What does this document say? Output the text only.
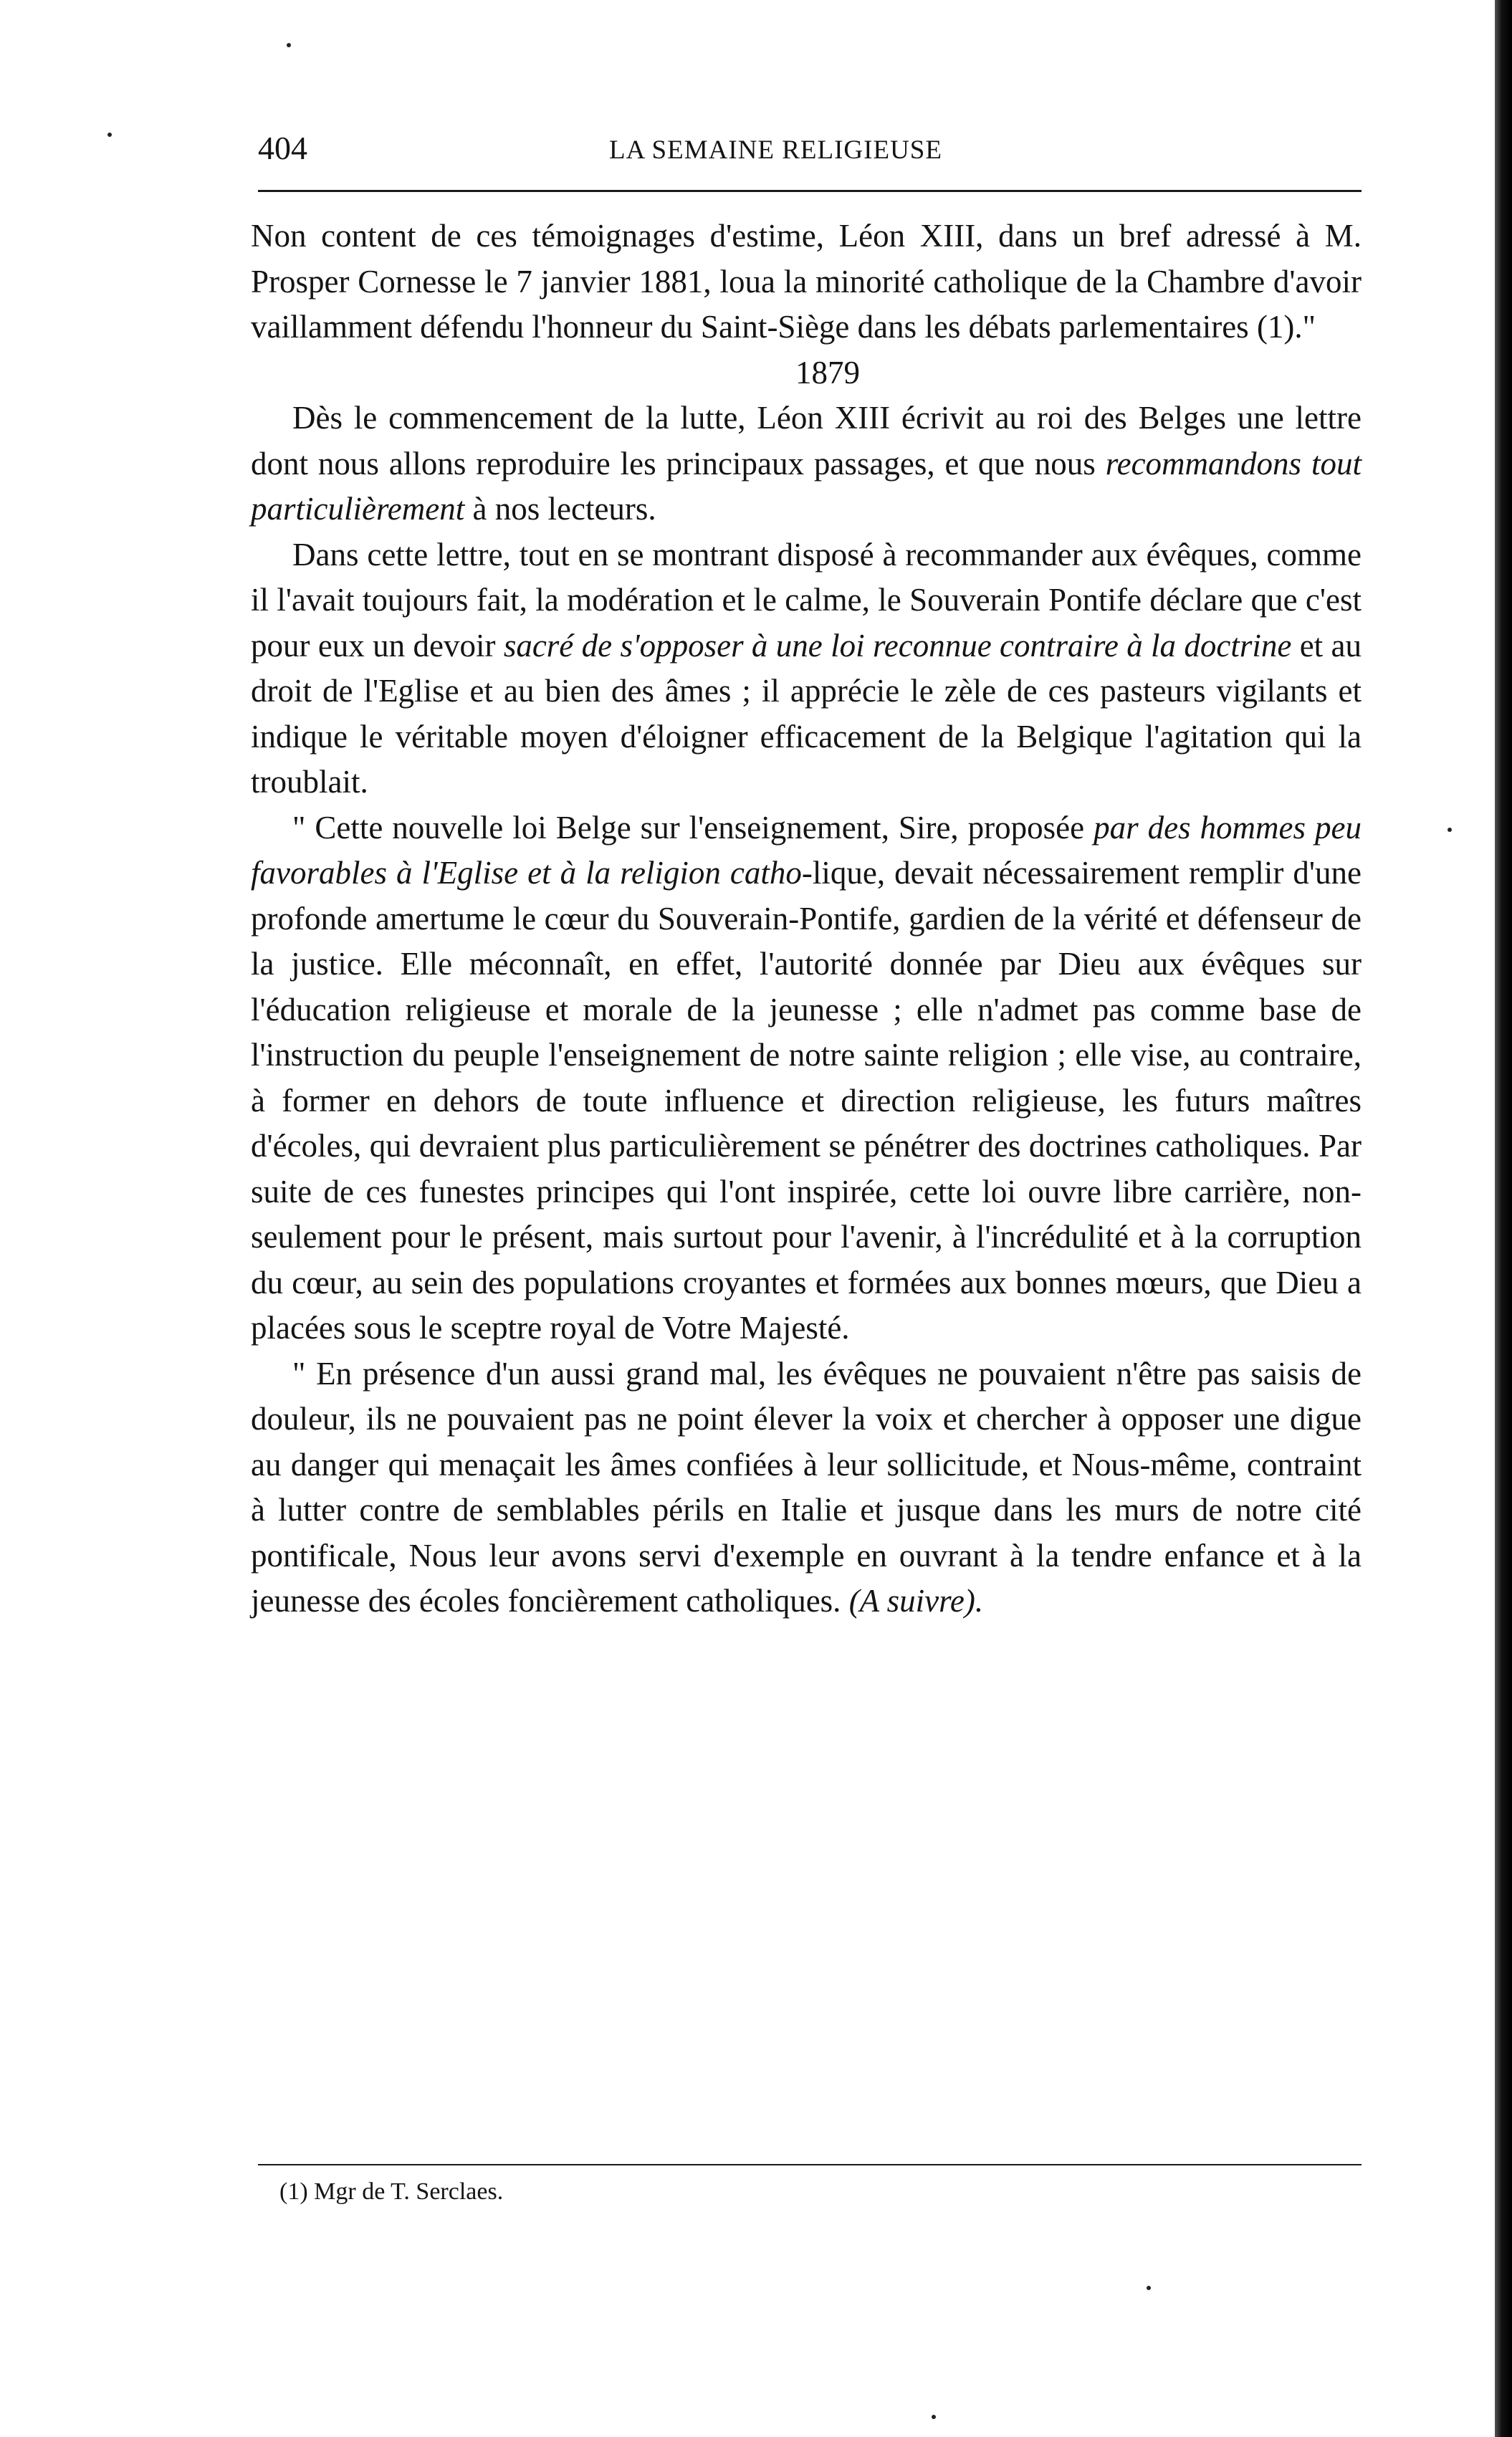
404	LA SEMAINE RELIGIEUSE

Non content de ces témoignages d'estime, Léon XIII, dans un bref adressé à M. Prosper Cornesse le 7 janvier 1881, loua la minorité catholique de la Chambre d'avoir vaillamment défendu l'honneur du Saint-Siège dans les débats parlementaires (1)."

1879

Dès le commencement de la lutte, Léon XIII écrivit au roi des Belges une lettre dont nous allons reproduire les principaux passages, et que nous recommandons tout particulièrement à nos lecteurs.

Dans cette lettre, tout en se montrant disposé à recommander aux évêques, comme il l'avait toujours fait, la modération et le calme, le Souverain Pontife déclare que c'est pour eux un devoir sacré de s'opposer à une loi reconnue contraire à la doctrine et au droit de l'Eglise et au bien des âmes ; il apprécie le zèle de ces pasteurs vigilants et indique le véritable moyen d'éloigner efficacement de la Belgique l'agitation qui la troublait.

" Cette nouvelle loi Belge sur l'enseignement, Sire, proposée par des hommes peu favorables à l'Eglise et à la religion catho-lique, devait nécessairement remplir d'une profonde amertume le cœur du Souverain-Pontife, gardien de la vérité et défenseur de la justice. Elle méconnaît, en effet, l'autorité donnée par Dieu aux évêques sur l'éducation religieuse et morale de la jeunesse ; elle n'admet pas comme base de l'instruction du peuple l'enseignement de notre sainte religion ; elle vise, au contraire, à former en dehors de toute influence et direction religieuse, les futurs maîtres d'écoles, qui devraient plus particulièrement se pénétrer des doctrines catholiques. Par suite de ces funestes principes qui l'ont inspirée, cette loi ouvre libre carrière, non-seulement pour le présent, mais surtout pour l'avenir, à l'incrédulité et à la corruption du cœur, au sein des populations croyantes et formées aux bonnes mœurs, que Dieu a placées sous le sceptre royal de Votre Majesté.

" En présence d'un aussi grand mal, les évêques ne pouvaient n'être pas saisis de douleur, ils ne pouvaient pas ne point élever la voix et chercher à opposer une digue au danger qui menaçait les âmes confiées à leur sollicitude, et Nous-même, contraint à lutter contre de semblables périls en Italie et jusque dans les murs de notre cité pontificale, Nous leur avons servi d'exemple en ouvrant à la tendre enfance et à la jeunesse des écoles foncièrement catholiques. (A suivre).

(1) Mgr de T. Serclaes.
